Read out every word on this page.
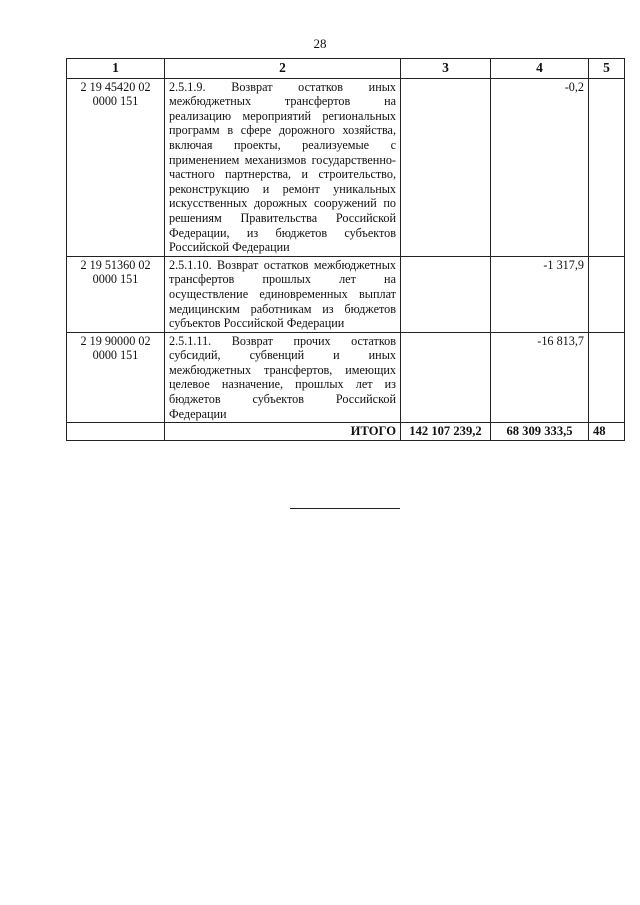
28
1	2	3	4	5
2 19 45420 02 0000 151	2.5.1.9. Возврат остатков иных межбюджетных трансфертов на реализацию мероприятий региональных программ в сфере дорожного хозяйства, включая проекты, реализуемые с применением механизмов государственно-частного партнерства, и строительство, реконструкцию и ремонт уникальных искусственных дорожных сооружений по решениям Правительства Российской Федерации, из бюджетов субъектов Российской Федерации		-0,2	
2 19 51360 02 0000 151	2.5.1.10. Возврат остатков межбюджетных трансфертов прошлых лет на осуществление единовременных выплат медицинским работникам из бюджетов субъектов Российской Федерации		-1 317,9	
2 19 90000 02 0000 151	2.5.1.11. Возврат прочих остатков субсидий, субвенций и иных межбюджетных трансфертов, имеющих целевое назначение, прошлых лет из бюджетов субъектов Российской Федерации		-16 813,7	
	ИТОГО	142 107 239,2	68 309 333,5	48
